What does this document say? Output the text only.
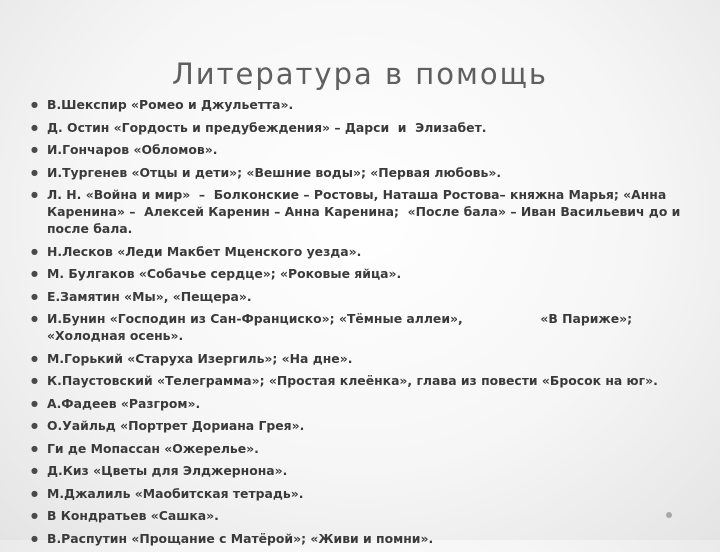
Литература в помощь
● В.Шекспир «Ромео и Джульетта».
● Д. Остин «Гордость и предубеждения» – Дарси  и  Элизабет.
● И.Гончаров «Обломов».
● И.Тургенев «Отцы и дети»; «Вешние воды»; «Первая любовь».
● Л. Н. «Война и мир»  –  Болконские – Ростовы, Наташа Ростова– княжна Марья; «Анна Каренина» –  Алексей Каренин – Анна Каренина;  «После бала» – Иван Васильевич до и после бала.
● Н.Лесков «Леди Макбет Мценского уезда».
● М. Булгаков «Собачье сердце»; «Роковые яйца».
● Е.Замятин «Мы», «Пещера».
● И.Бунин «Господин из Сан-Франциско»; «Тёмные аллеи»,                  «В Париже»; «Холодная осень».
● М.Горький «Старуха Изергиль»; «На дне».
● К.Паустовский «Телеграмма»; «Простая клеёнка», глава из повести «Бросок на юг».
● А.Фадеев «Разгром».
● О.Уайльд «Портрет Дориана Грея».
● Ги де Мопассан «Ожерелье».
● Д.Киз «Цветы для Элджернона».
● М.Джалиль «Маобитская тетрадь».
● В Кондратьев «Сашка».
● В.Распутин «Прощание с Матёрой»; «Живи и помни».
